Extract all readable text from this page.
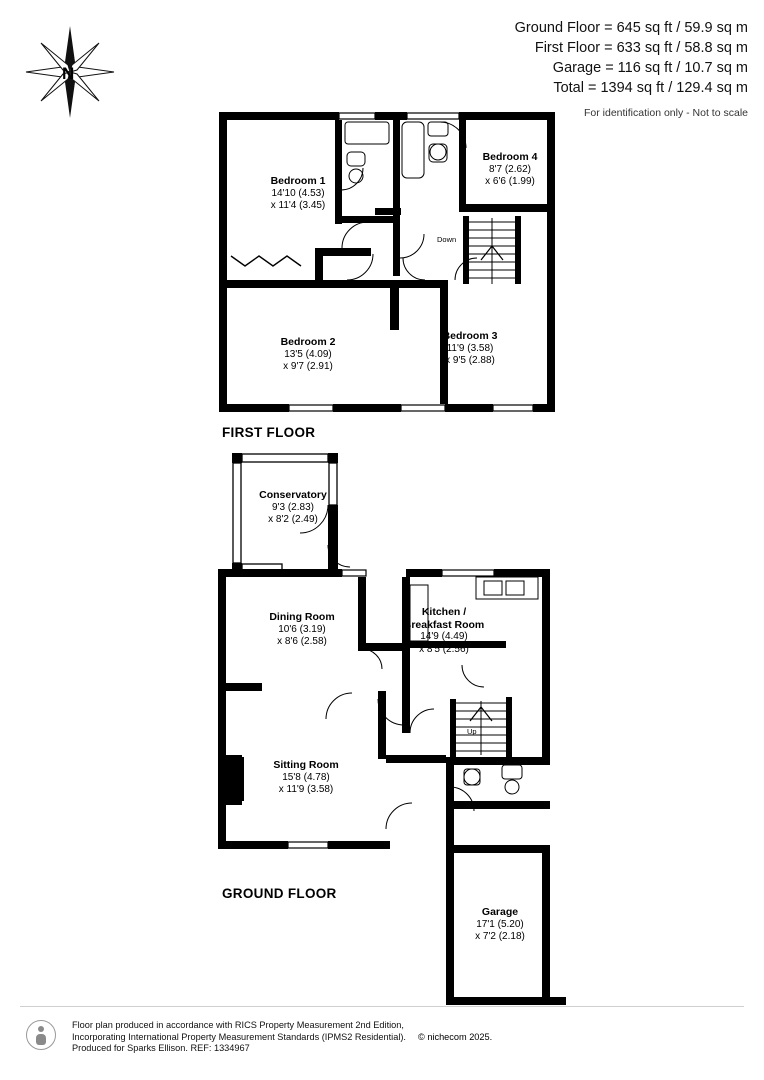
Ground Floor = 645 sq ft / 59.9 sq m
First Floor = 633 sq ft / 58.8 sq m
Garage = 116 sq ft / 10.7 sq m
Total = 1394 sq ft / 129.4 sq m
For identification only - Not to scale
N
FIRST FLOOR
Bedroom 1
14'10 (4.53)
x 11'4 (3.45)
Bedroom 4
8'7 (2.62)
x 6'6 (1.99)
Bedroom 2
13'5 (4.09)
x 9'7 (2.91)
Bedroom 3
11'9 (3.58)
x 9'5 (2.88)
Down
GROUND FLOOR
Conservatory
9'3 (2.83)
x 8'2 (2.49)
Dining Room
10'6 (3.19)
x 8'6 (2.58)
Kitchen /
Breakfast Room
14'9 (4.49)
x 8'5 (2.56)
Sitting Room
15'8 (4.78)
x 11'9 (3.58)
Garage
17'1 (5.20)
x 7'2 (2.18)
Up
Floor plan produced in accordance with RICS Property Measurement 2nd Edition,
Incorporating International Property Measurement Standards (IPMS2 Residential).
Produced for Sparks Ellison. REF: 1334967
© nichecom 2025.
